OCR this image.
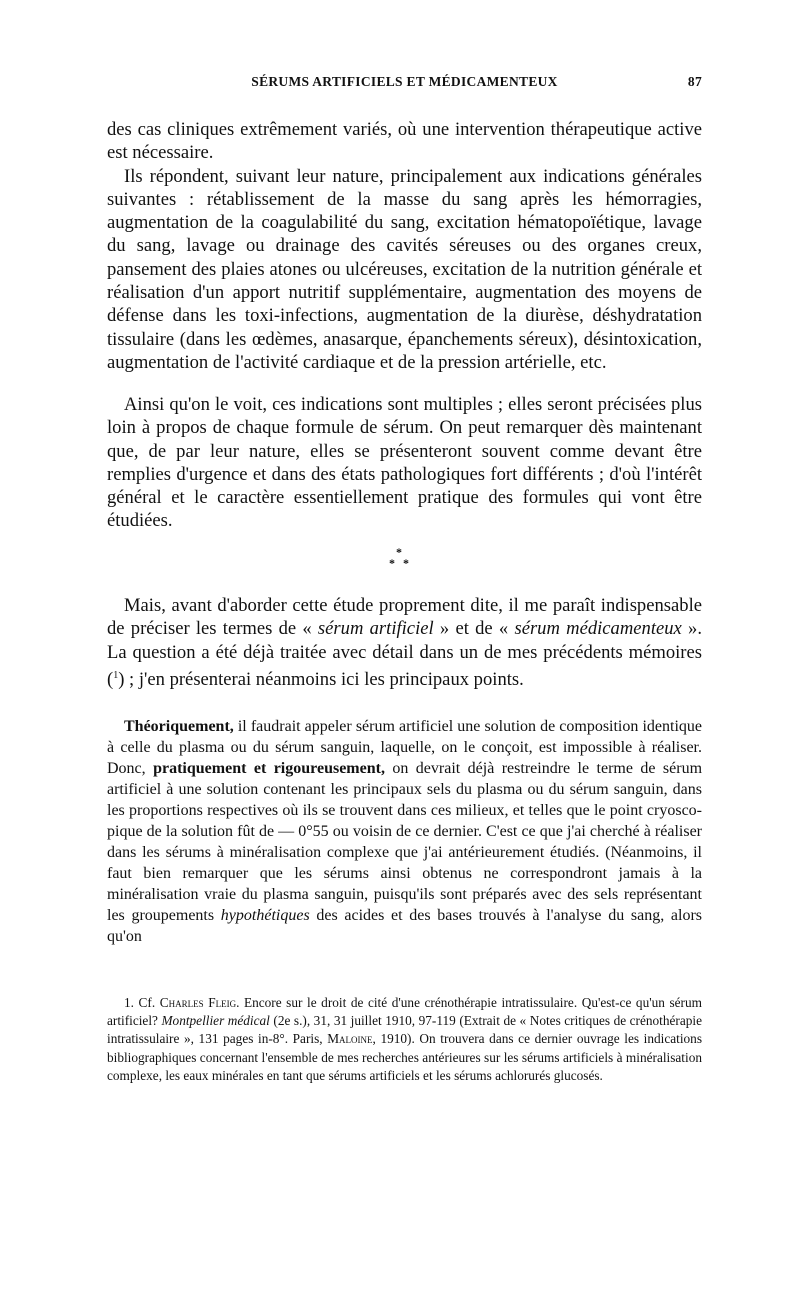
SÉRUMS ARTIFICIELS ET MÉDICAMENTEUX	87

des cas cliniques extrêmement variés, où une intervention thérapeutique active est nécessaire.

Ils répondent, suivant leur nature, principalement aux indications générales suivantes : rétablissement de la masse du sang après les hémorragies, augmentation de la coagulabilité du sang, excitation hématopoïétique, lavage du sang, lavage ou drainage des cavités séreuses ou des organes creux, pansement des plaies atones ou ulcéreuses, excitation de la nutrition générale et réalisation d'un apport nutritif supplémentaire, augmentation des moyens de défense dans les toxi-infections, augmentation de la diurèse, déshydratation tissulaire (dans les œdèmes, anasarque, épanchements séreux), désintoxication, augmentation de l'activité cardiaque et de la pression artérielle, etc.

Ainsi qu'on le voit, ces indications sont multiples ; elles seront précisées plus loin à propos de chaque formule de sérum. On peut remarquer dès maintenant que, de par leur nature, elles se présenteront souvent comme devant être remplies d'urgence et dans des états pathologiques fort différents ; d'où l'intérêt général et le caractère essentiellement pratique des formules qui vont être étudiées.

*
* *

Mais, avant d'aborder cette étude proprement dite, il me paraît indispensable de préciser les termes de « sérum artificiel » et de « sérum médicamenteux ». La question a été déjà traitée avec détail dans un de mes précédents mémoires ($^1$) ; j'en présenterai néanmoins ici les principaux points.

Théoriquement, il faudrait appeler sérum artificiel une solution de composition identique à celle du plasma ou du sérum sanguin, laquelle, on le conçoit, est impossible à réaliser. Donc, pratiquement et rigoureusement, on devrait déjà restreindre le terme de sérum artificiel à une solution contenant les principaux sels du plasma ou du sérum sanguin, dans les proportions respectives où ils se trouvent dans ces milieux, et telles que le point cryoscopique de la solution fût de — 0°55 ou voisin de ce dernier. C'est ce que j'ai cherché à réaliser dans les sérums à minéralisation complexe que j'ai antérieurement étudiés. (Néanmoins, il faut bien remarquer que les sérums ainsi obtenus ne correspondront jamais à la minéralisation vraie du plasma sanguin, puisqu'ils sont préparés avec des sels représentant les groupements hypothétiques des acides et des bases trouvés à l'analyse du sang, alors qu'on

1. Cf. Charles Fleig. Encore sur le droit de cité d'une crénothérapie intratissulaire. Qu'est-ce qu'un sérum artificiel? Montpellier médical (2e s.), 31, 31 juillet 1910, 97-119 (Extrait de « Notes critiques de crénothérapie intratissulaire », 131 pages in-8°. Paris, Maloine, 1910). On trouvera dans ce dernier ouvrage les indications bibliographiques concernant l'ensemble de mes recherches antérieures sur les sérums artificiels à minéralisation complexe, les eaux minérales en tant que sérums artificiels et les sérums achlorurés glucosés.
